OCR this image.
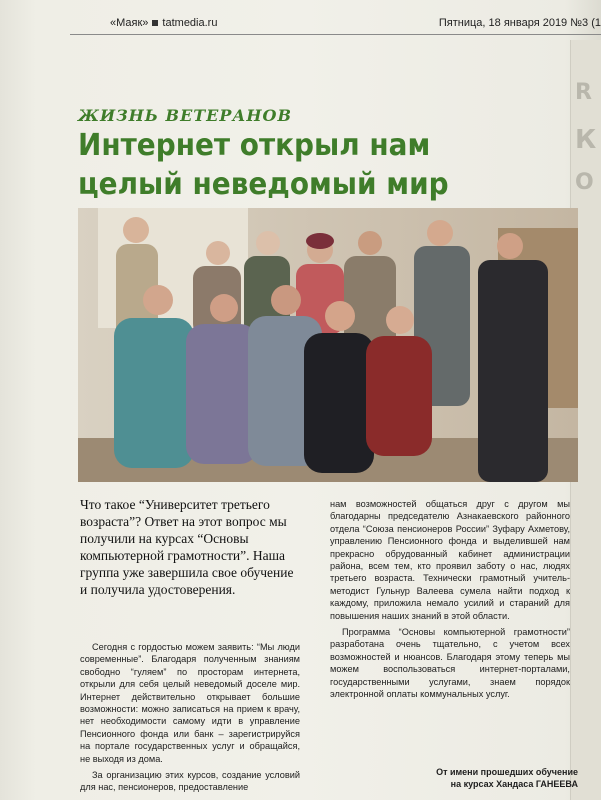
«Маяк» tatmedia.ru	Пятница, 18 января 2019 №3 (1
R
К
О
ЖИЗНЬ ВЕТЕРАНОВ
Интернет открыл нам целый неведомый мир

Что такое “Университет третьего возраста”? Ответ на этот вопрос мы получили на курсах “Основы компьютерной грамотности”. Наша группа уже завершила свое обучение и получила удостоверения.

Сегодня с гордостью можем заявить: “Мы люди современные”. Благодаря полученным знаниям свободно “гуляем” по просторам интернета, открыли для себя целый неведомый доселе мир. Интернет действительно открывает большие возможности: можно записаться на прием к врачу, нет необходимости самому идти в управление Пенсионного фонда или банк – зарегистрируйся на портале государственных услуг и обращайся, не выходя из дома.

За организацию этих курсов, создание условий для нас, пенсионеров, предоставление

нам возможностей общаться друг с другом мы благодарны председателю Азнакаевского районного отдела “Союза пенсионеров России” Зуфару Ахметову, управлению Пенсионного фонда и выделившей нам прекрасно обрудованный кабинет администрации района, всем тем, кто проявил заботу о нас, людях третьего возраста. Технически грамотный учитель-методист Гульнур Валеева сумела найти подход к каждому, приложила немало усилий и стараний для повышения наших знаний в этой области.

Программа “Основы компьютерной грамотности” разработана очень тщательно, с учетом всех возможностей и нюансов. Благодаря этому теперь мы можем воспользоваться интернет-порталами, государственными услугами, знаем порядок электронной оплаты коммунальных услуг.

От имени прошедших обучение
на курсах Хандаса ГАНЕЕВА
